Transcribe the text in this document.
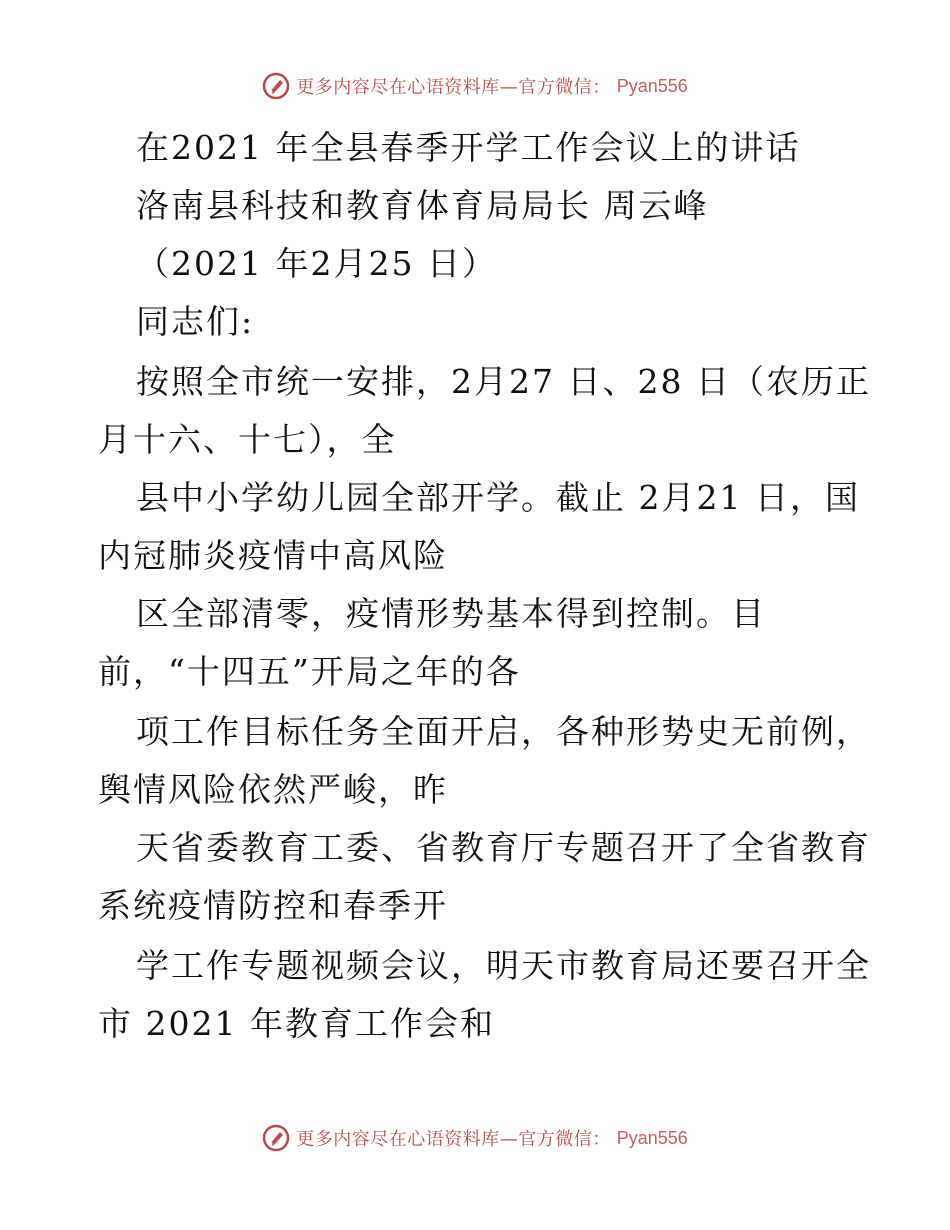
更多内容尽在心语资料库—官方微信： Pyan556
在2021 年全县春季开学工作会议上的讲话
洛南县科技和教育体育局局长 周云峰
（2021 年2月25 日）
同志们:
按照全市统一安排，2月27 日、28 日（农历正
月十六、十七），全
县中小学幼儿园全部开学。截止 2月21 日，国
内冠肺炎疫情中高风险
区全部清零，疫情形势基本得到控制。目
前，“十四五”开局之年的各
项工作目标任务全面开启，各种形势史无前例，
舆情风险依然严峻，昨
天省委教育工委、省教育厅专题召开了全省教育
系统疫情防控和春季开
学工作专题视频会议，明天市教育局还要召开全
市 2021 年教育工作会和
更多内容尽在心语资料库—官方微信： Pyan556
